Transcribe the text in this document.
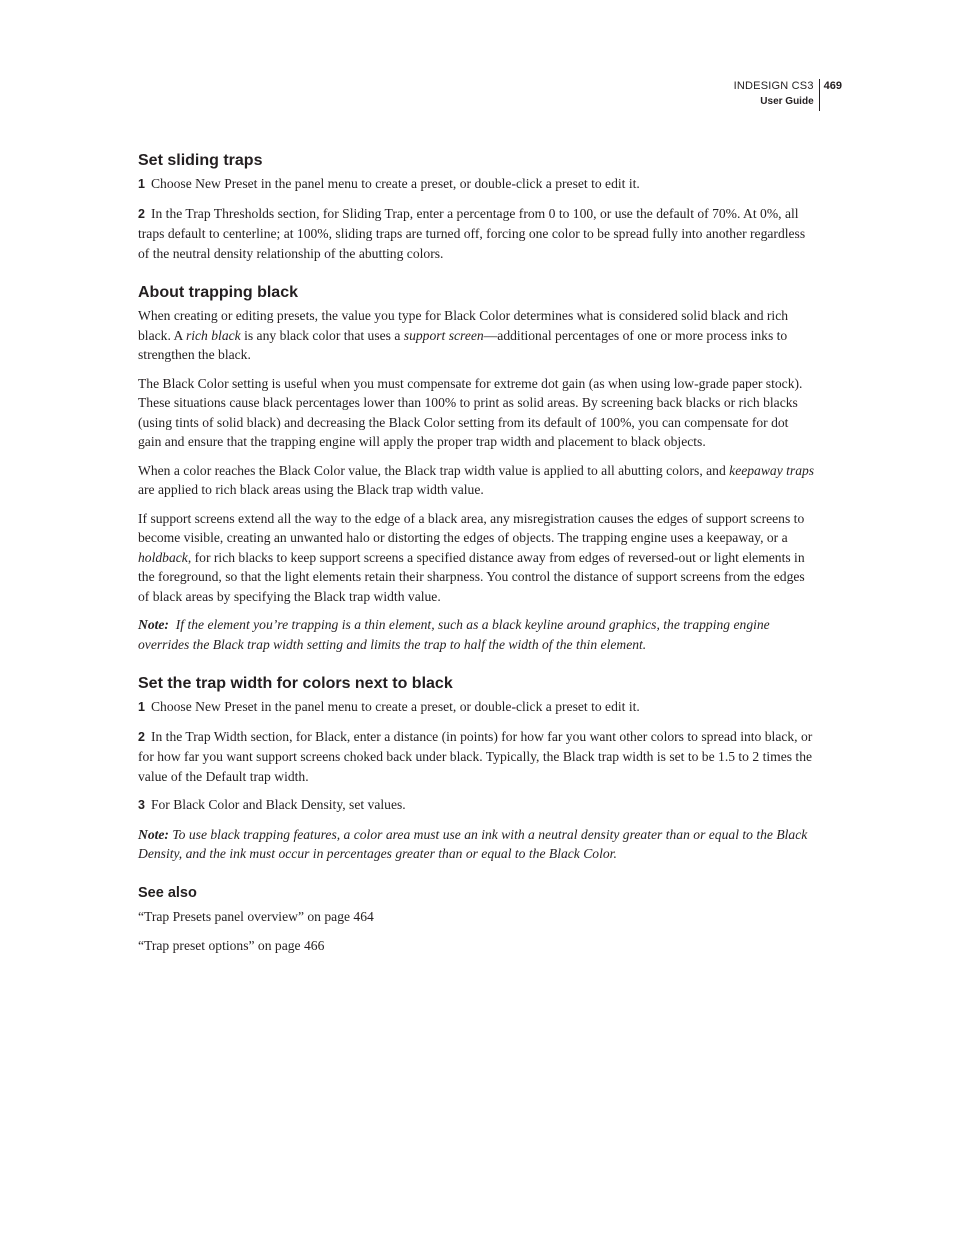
INDESIGN CS3
User Guide
469
Set sliding traps

1 Choose New Preset in the panel menu to create a preset, or double-click a preset to edit it.

2 In the Trap Thresholds section, for Sliding Trap, enter a percentage from 0 to 100, or use the default of 70%. At 0%, all traps default to centerline; at 100%, sliding traps are turned off, forcing one color to be spread fully into another regardless of the neutral density relationship of the abutting colors.

About trapping black

When creating or editing presets, the value you type for Black Color determines what is considered solid black and rich black. A rich black is any black color that uses a support screen—additional percentages of one or more process inks to strengthen the black.

The Black Color setting is useful when you must compensate for extreme dot gain (as when using low-grade paper stock). These situations cause black percentages lower than 100% to print as solid areas. By screening back blacks or rich blacks (using tints of solid black) and decreasing the Black Color setting from its default of 100%, you can compensate for dot gain and ensure that the trapping engine will apply the proper trap width and placement to black objects.

When a color reaches the Black Color value, the Black trap width value is applied to all abutting colors, and keepaway traps are applied to rich black areas using the Black trap width value.

If support screens extend all the way to the edge of a black area, any misregistration causes the edges of support screens to become visible, creating an unwanted halo or distorting the edges of objects. The trapping engine uses a keepaway, or a holdback, for rich blacks to keep support screens a specified distance away from edges of reversed-out or light elements in the foreground, so that the light elements retain their sharpness. You control the distance of support screens from the edges of black areas by specifying the Black trap width value.

Note: If the element you’re trapping is a thin element, such as a black keyline around graphics, the trapping engine overrides the Black trap width setting and limits the trap to half the width of the thin element.

Set the trap width for colors next to black

1 Choose New Preset in the panel menu to create a preset, or double-click a preset to edit it.

2 In the Trap Width section, for Black, enter a distance (in points) for how far you want other colors to spread into black, or for how far you want support screens choked back under black. Typically, the Black trap width is set to be 1.5 to 2 times the value of the Default trap width.

3 For Black Color and Black Density, set values.

Note: To use black trapping features, a color area must use an ink with a neutral density greater than or equal to the Black Density, and the ink must occur in percentages greater than or equal to the Black Color.

See also

“Trap Presets panel overview” on page 464

“Trap preset options” on page 466
